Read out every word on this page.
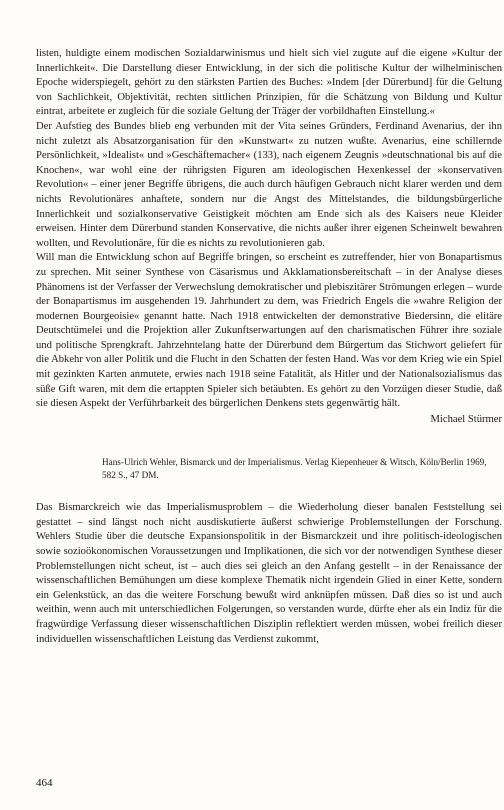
listen, huldigte einem modischen Sozialdarwinismus und hielt sich viel zugute auf die eigene »Kultur der Innerlichkeit«. Die Darstellung dieser Entwicklung, in der sich die politische Kultur der wilhelminischen Epoche widerspiegelt, gehört zu den stärksten Partien des Buches: »Indem [der Dürerbund] für die Geltung von Sachlichkeit, Objektivität, rechten sittlichen Prinzipien, für die Schätzung von Bildung und Kultur eintrat, arbeitete er zugleich für die soziale Geltung der Träger der vorbildhaften Einstellung.«

Der Aufstieg des Bundes blieb eng verbunden mit der Vita seines Gründers, Ferdinand Avenarius, der ihn nicht zuletzt als Absatzorganisation für den »Kunstwart« zu nutzen wußte. Avenarius, eine schillernde Persönlichkeit, »Idealist« und »Geschäftemacher« (133), nach eigenem Zeugnis »deutschnational bis auf die Knochen«, war wohl eine der rührigsten Figuren am ideologischen Hexenkessel der »konservativen Revolution« – einer jener Begriffe übrigens, die auch durch häufigen Gebrauch nicht klarer werden und dem nichts Revolutionäres anhaftete, sondern nur die Angst des Mittelstandes, die bildungsbürgerliche Innerlichkeit und sozialkonservative Geistigkeit möchten am Ende sich als des Kaisers neue Kleider erweisen. Hinter dem Dürerbund standen Konservative, die nichts außer ihrer eigenen Scheinwelt bewahren wollten, und Revolutionäre, für die es nichts zu revolutionieren gab.

Will man die Entwicklung schon auf Begriffe bringen, so erscheint es zutreffender, hier von Bonapartismus zu sprechen. Mit seiner Synthese von Cäsarismus und Akklamationsbereitschaft – in der Analyse dieses Phänomens ist der Verfasser der Verwechslung demokratischer und plebiszitärer Strömungen erlegen – wurde der Bonapartismus im ausgehenden 19. Jahrhundert zu dem, was Friedrich Engels die »wahre Religion der modernen Bourgeoisie« genannt hatte. Nach 1918 entwickelten der demonstrative Biedersinn, die elitäre Deutschtümelei und die Projektion aller Zukunftserwartungen auf den charismatischen Führer ihre soziale und politische Sprengkraft. Jahrzehntelang hatte der Dürerbund dem Bürgertum das Stichwort geliefert für die Abkehr von aller Politik und die Flucht in den Schatten der festen Hand. Was vor dem Krieg wie ein Spiel mit gezinkten Karten anmutete, erwies nach 1918 seine Fatalität, als Hitler und der Nationalsozialismus das süße Gift waren, mit dem die ertappten Spieler sich betäubten. Es gehört zu den Vorzügen dieser Studie, daß sie diesen Aspekt der Verführbarkeit des bürgerlichen Denkens stets gegenwärtig hält.

Michael Stürmer

Hans-Ulrich Wehler, Bismarck und der Imperialismus. Verlag Kiepenheuer & Witsch, Köln/Berlin 1969, 582 S., 47 DM.

Das Bismarckreich wie das Imperialismusproblem – die Wiederholung dieser banalen Feststellung sei gestattet – sind längst noch nicht ausdiskutierte äußerst schwierige Problemstellungen der Forschung. Wehlers Studie über die deutsche Expansionspolitik in der Bismarckzeit und ihre politisch-ideologischen sowie sozioökonomischen Voraussetzungen und Implikationen, die sich vor der notwendigen Synthese dieser Problemstellungen nicht scheut, ist – auch dies sei gleich an den Anfang gestellt – in der Renaissance der wissenschaftlichen Bemühungen um diese komplexe Thematik nicht irgendein Glied in einer Kette, sondern ein Gelenkstück, an das die weitere Forschung bewußt wird anknüpfen müssen. Daß dies so ist und auch weithin, wenn auch mit unterschiedlichen Folgerungen, so verstanden wurde, dürfte eher als ein Indiz für die fragwürdige Verfassung dieser wissenschaftlichen Disziplin reflektiert werden müssen, wobei freilich dieser individuellen wissenschaftlichen Leistung das Verdienst zukommt,

464
